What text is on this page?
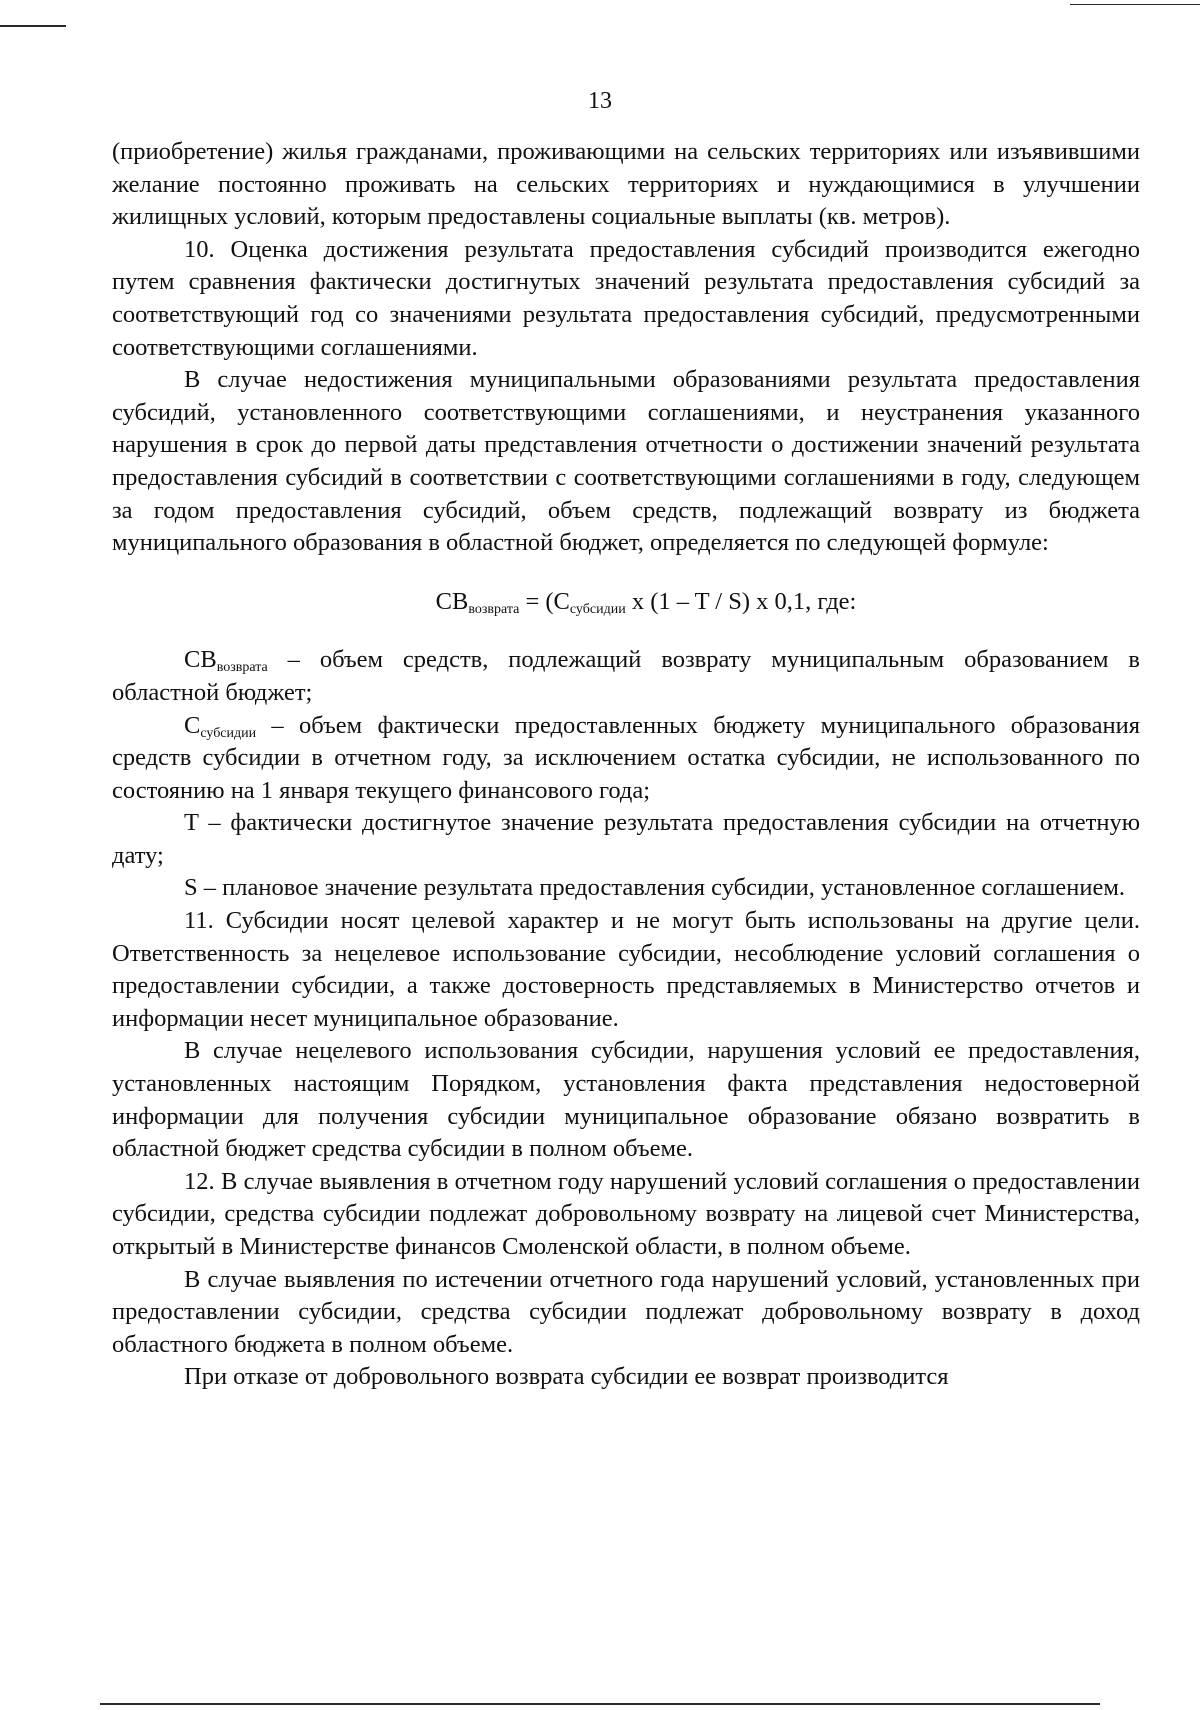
13

(приобретение) жилья гражданами, проживающими на сельских территориях или изъявившими желание постоянно проживать на сельских территориях и нуждающимися в улучшении жилищных условий, которым предоставлены социальные выплаты (кв. метров).

10. Оценка достижения результата предоставления субсидий производится ежегодно путем сравнения фактически достигнутых значений результата предоставления субсидий за соответствующий год со значениями результата предоставления субсидий, предусмотренными соответствующими соглашениями.

В случае недостижения муниципальными образованиями результата предоставления субсидий, установленного соответствующими соглашениями, и неустранения указанного нарушения в срок до первой даты представления отчетности о достижении значений результата предоставления субсидий в соответствии с соответствующими соглашениями в году, следующем за годом предоставления субсидий, объем средств, подлежащий возврату из бюджета муниципального образования в областной бюджет, определяется по следующей формуле:

$СВ_{возврата} = (С_{субсидии}$ x (1 – T / S) x 0,1, где:

$СВ_{возврата}$ – объем средств, подлежащий возврату муниципальным образованием в областной бюджет;

$С_{субсидии}$ – объем фактически предоставленных бюджету муниципального образования средств субсидии в отчетном году, за исключением остатка субсидии, не использованного по состоянию на 1 января текущего финансового года;

T – фактически достигнутое значение результата предоставления субсидии на отчетную дату;

S – плановое значение результата предоставления субсидии, установленное соглашением.

11. Субсидии носят целевой характер и не могут быть использованы на другие цели. Ответственность за нецелевое использование субсидии, несоблюдение условий соглашения о предоставлении субсидии, а также достоверность представляемых в Министерство отчетов и информации несет муниципальное образование.

В случае нецелевого использования субсидии, нарушения условий ее предоставления, установленных настоящим Порядком, установления факта представления недостоверной информации для получения субсидии муниципальное образование обязано возвратить в областной бюджет средства субсидии в полном объеме.

12. В случае выявления в отчетном году нарушений условий соглашения о предоставлении субсидии, средства субсидии подлежат добровольному возврату на лицевой счет Министерства, открытый в Министерстве финансов Смоленской области, в полном объеме.

В случае выявления по истечении отчетного года нарушений условий, установленных при предоставлении субсидии, средства субсидии подлежат добровольному возврату в доход областного бюджета в полном объеме.

При отказе от добровольного возврата субсидии ее возврат производится
